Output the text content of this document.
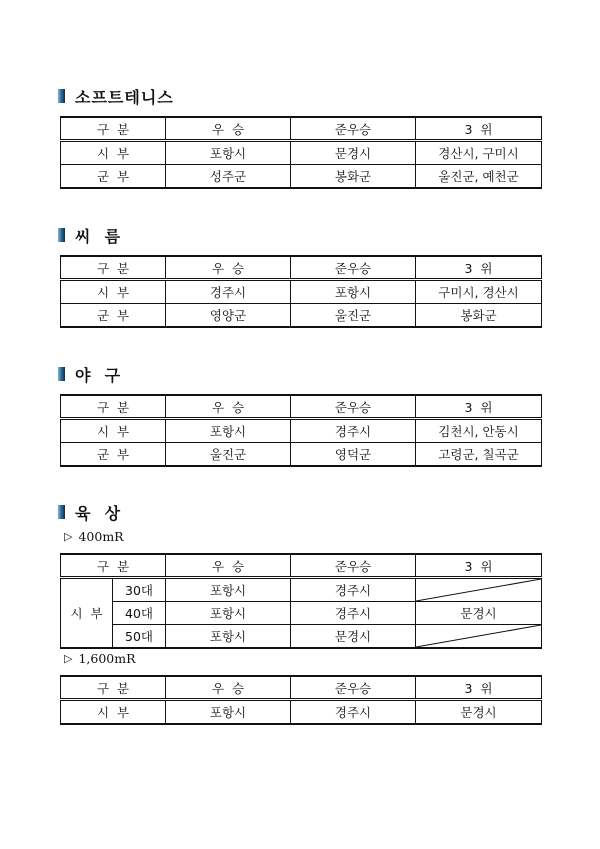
소프트테니스
구  분	우  승	준우승	3  위
시  부	포항시	문경시	경산시, 구미시
군  부	성주군	봉화군	울진군, 예천군
씨  름
구  분	우  승	준우승	3  위
시  부	경주시	포항시	구미시, 경산시
군  부	영양군	울진군	봉화군
야  구
구  분	우  승	준우승	3  위
시  부	포항시	경주시	김천시, 안동시
군  부	울진군	영덕군	고령군, 칠곡군
육  상
▷ 400mR
구  분		우  승	준우승	3  위
시  부	30대	포항시	경주시	

	40대	포항시	경주시	문경시
	50대	포항시	문경시	
▷ 1,600mR
구  분	우  승	준우승	3  위
시  부	포항시	경주시	문경시
